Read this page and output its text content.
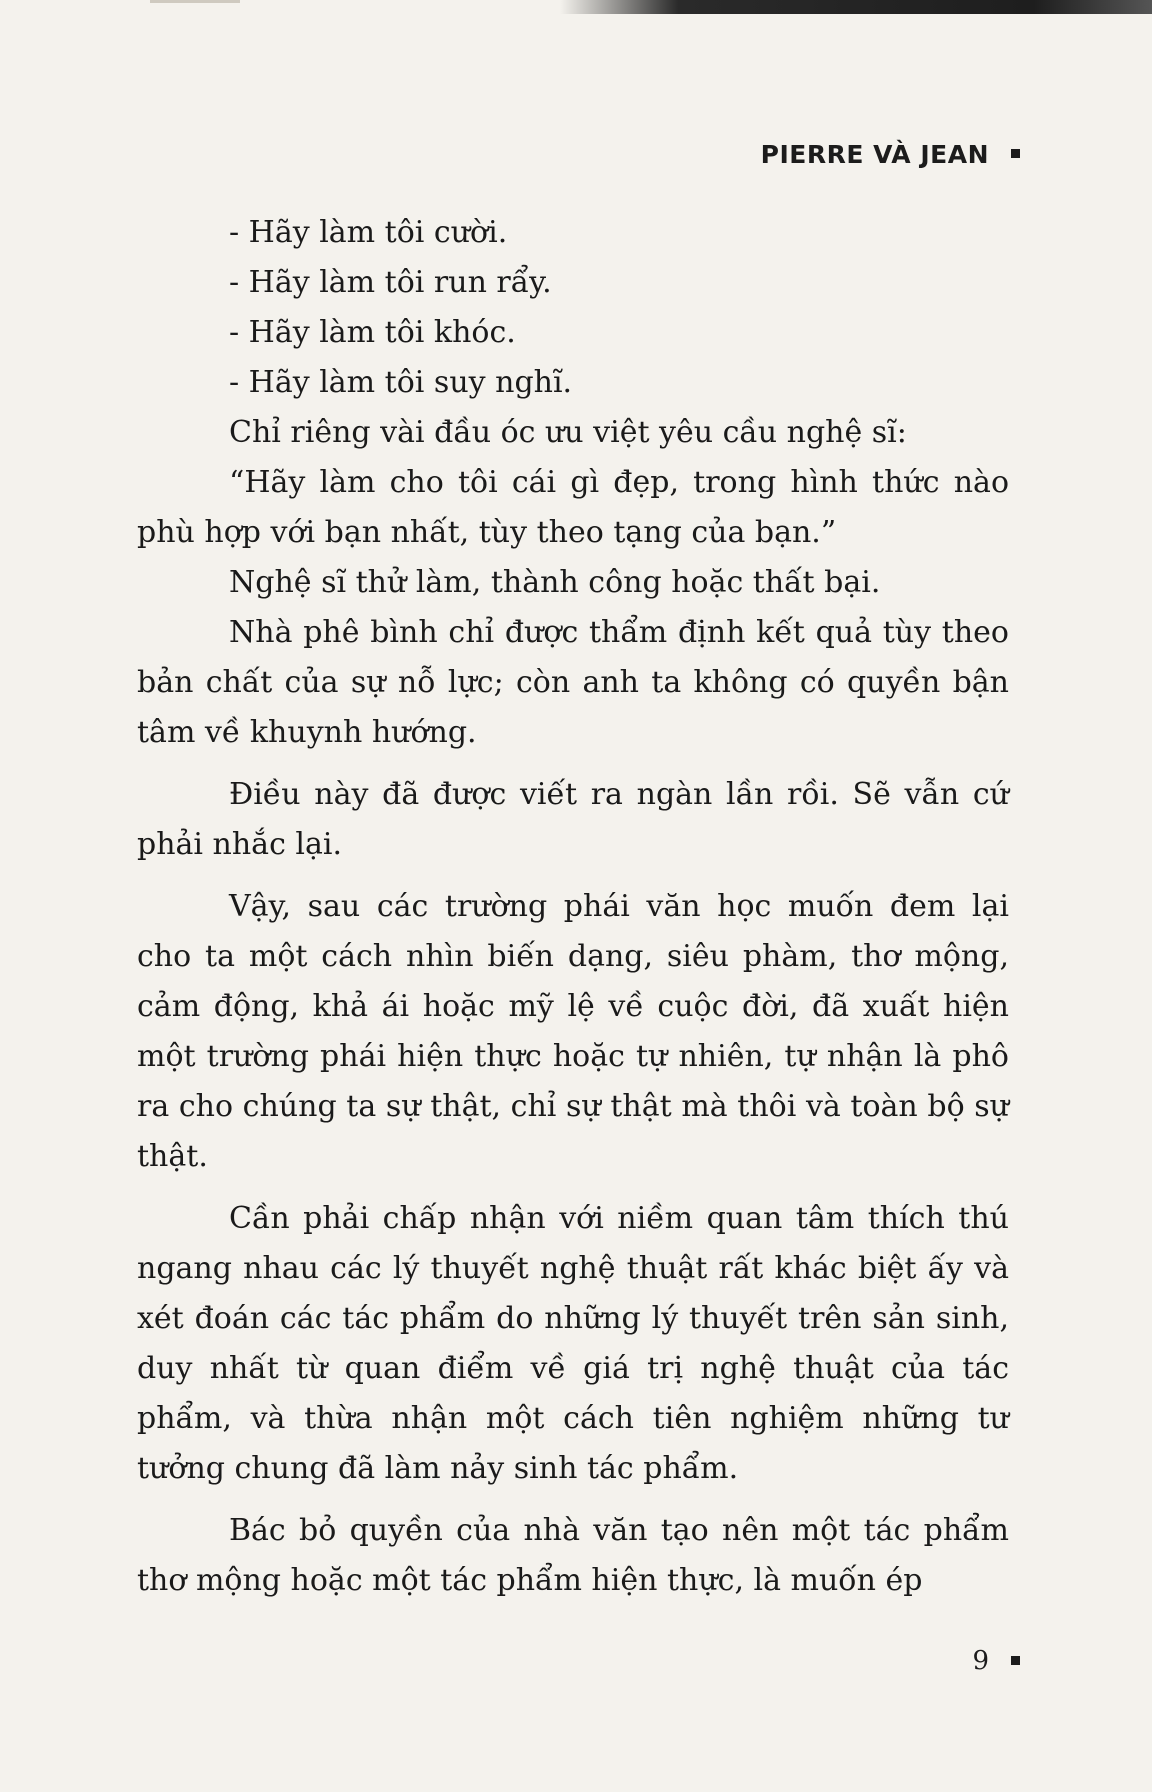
PIERRE VÀ JEAN

- Hãy làm tôi cười.

- Hãy làm tôi run rẩy.

- Hãy làm tôi khóc.

- Hãy làm tôi suy nghĩ.

Chỉ riêng vài đầu óc ưu việt yêu cầu nghệ sĩ:

“Hãy làm cho tôi cái gì đẹp, trong hình thức nào phù hợp với bạn nhất, tùy theo tạng của bạn.”

Nghệ sĩ thử làm, thành công hoặc thất bại.

Nhà phê bình chỉ được thẩm định kết quả tùy theo bản chất của sự nỗ lực; còn anh ta không có quyền bận tâm về khuynh hướng.

Điều này đã được viết ra ngàn lần rồi. Sẽ vẫn cứ phải nhắc lại.

Vậy, sau các trường phái văn học muốn đem lại cho ta một cách nhìn biến dạng, siêu phàm, thơ mộng, cảm động, khả ái hoặc mỹ lệ về cuộc đời, đã xuất hiện một trường phái hiện thực hoặc tự nhiên, tự nhận là phô ra cho chúng ta sự thật, chỉ sự thật mà thôi và toàn bộ sự thật.

Cần phải chấp nhận với niềm quan tâm thích thú ngang nhau các lý thuyết nghệ thuật rất khác biệt ấy và xét đoán các tác phẩm do những lý thuyết trên sản sinh, duy nhất từ quan điểm về giá trị nghệ thuật của tác phẩm, và thừa nhận một cách tiên nghiệm những tư tưởng chung đã làm nảy sinh tác phẩm.

Bác bỏ quyền của nhà văn tạo nên một tác phẩm thơ mộng hoặc một tác phẩm hiện thực, là muốn ép

9
